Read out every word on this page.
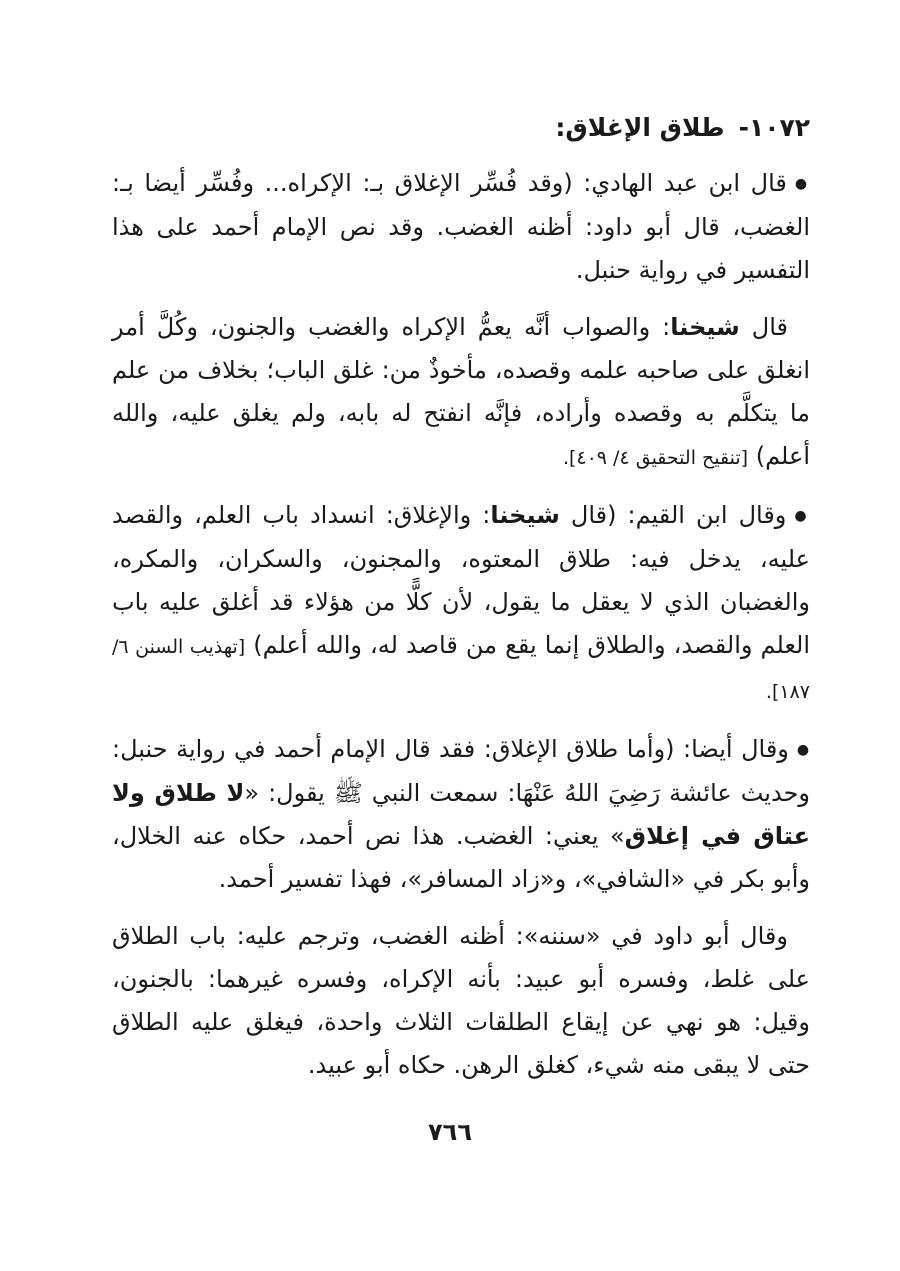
١٠٧٢-طلاق الإغلاق:

●قال ابن عبد الهادي: (وقد فُسِّر الإغلاق بـ: الإكراه... وفُسِّر أيضا بـ: الغضب، قال أبو داود: أظنه الغضب. وقد نص الإمام أحمد على هذا التفسير في رواية حنبل.

قال شيخنا: والصواب أنَّه يعمُّ الإكراه والغضب والجنون، وكُلَّ أمر انغلق على صاحبه علمه وقصده، مأخوذٌ من: غلق الباب؛ بخلاف من علم ما يتكلَّم به وقصده وأراده، فإنَّه انفتح له بابه، ولم يغلق عليه، والله أعلم) [تنقيح التحقيق ٤/ ٤٠٩].

●وقال ابن القيم: (قال شيخنا: والإغلاق: انسداد باب العلم، والقصد عليه، يدخل فيه: طلاق المعتوه، والمجنون، والسكران، والمكره، والغضبان الذي لا يعقل ما يقول، لأن كلًّا من هؤلاء قد أغلق عليه باب العلم والقصد، والطلاق إنما يقع من قاصد له، والله أعلم) [تهذيب السنن ٦/ ١٨٧].

●وقال أيضا: (وأما طلاق الإغلاق: فقد قال الإمام أحمد في رواية حنبل: وحديث عائشة رَضِيَ اللهُ عَنْهَا: سمعت النبي ﷺ يقول: «لا طلاق ولا عتاق في إغلاق» يعني: الغضب. هذا نص أحمد، حكاه عنه الخلال، وأبو بكر في «الشافي»، و«زاد المسافر»، فهذا تفسير أحمد.

وقال أبو داود في «سننه»: أظنه الغضب، وترجم عليه: باب الطلاق على غلط، وفسره أبو عبيد: بأنه الإكراه، وفسره غيرهما: بالجنون، وقيل: هو نهي عن إيقاع الطلقات الثلاث واحدة، فيغلق عليه الطلاق حتى لا يبقى منه شيء، كغلق الرهن. حكاه أبو عبيد.

٧٦٦
